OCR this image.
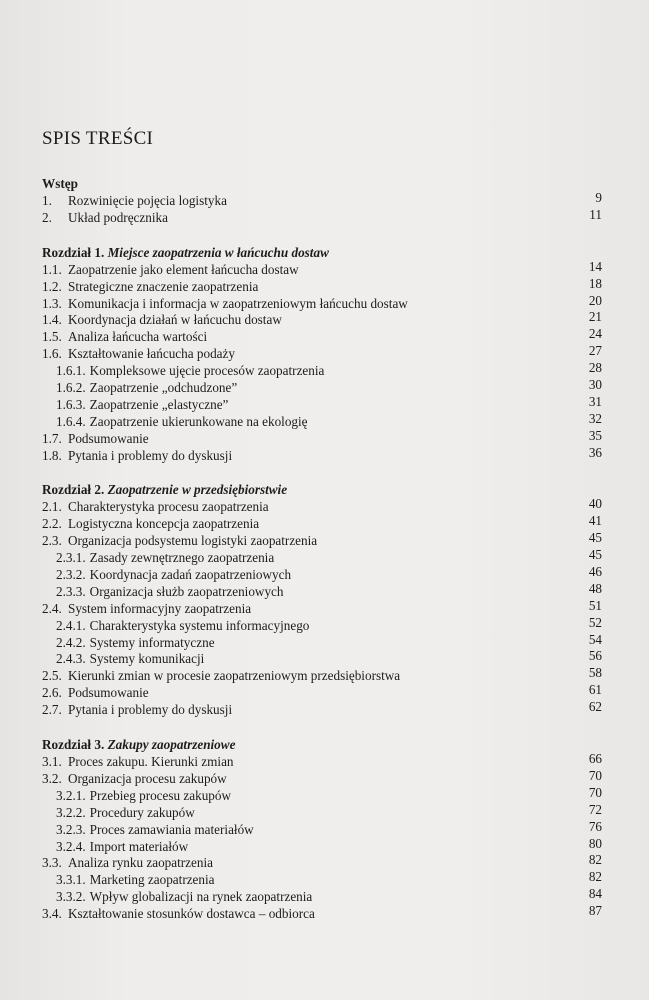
SPIS TREŚCI
Wstęp
1. Rozwinięcie pojęcia logistyka	9
2. Układ podręcznika	11
Rozdział 1. Miejsce zaopatrzenia w łańcuchu dostaw
1.1. Zaopatrzenie jako element łańcucha dostaw	14
1.2. Strategiczne znaczenie zaopatrzenia	18
1.3. Komunikacja i informacja w zaopatrzeniowym łańcuchu dostaw	20
1.4. Koordynacja działań w łańcuchu dostaw	21
1.5. Analiza łańcucha wartości	24
1.6. Kształtowanie łańcucha podaży	27
1.6.1. Kompleksowe ujęcie procesów zaopatrzenia	28
1.6.2. Zaopatrzenie „odchudzone”	30
1.6.3. Zaopatrzenie „elastyczne”	31
1.6.4. Zaopatrzenie ukierunkowane na ekologię	32
1.7. Podsumowanie	35
1.8. Pytania i problemy do dyskusji	36
Rozdział 2. Zaopatrzenie w przedsiębiorstwie
2.1. Charakterystyka procesu zaopatrzenia	40
2.2. Logistyczna koncepcja zaopatrzenia	41
2.3. Organizacja podsystemu logistyki zaopatrzenia	45
2.3.1. Zasady zewnętrznego zaopatrzenia	45
2.3.2. Koordynacja zadań zaopatrzeniowych	46
2.3.3. Organizacja służb zaopatrzeniowych	48
2.4. System informacyjny zaopatrzenia	51
2.4.1. Charakterystyka systemu informacyjnego	52
2.4.2. Systemy informatyczne	54
2.4.3. Systemy komunikacji	56
2.5. Kierunki zmian w procesie zaopatrzeniowym przedsiębiorstwa	58
2.6. Podsumowanie	61
2.7. Pytania i problemy do dyskusji	62
Rozdział 3. Zakupy zaopatrzeniowe
3.1. Proces zakupu. Kierunki zmian	66
3.2. Organizacja procesu zakupów	70
3.2.1. Przebieg procesu zakupów	70
3.2.2. Procedury zakupów	72
3.2.3. Proces zamawiania materiałów	76
3.2.4. Import materiałów	80
3.3. Analiza rynku zaopatrzenia	82
3.3.1. Marketing zaopatrzenia	82
3.3.2. Wpływ globalizacji na rynek zaopatrzenia	84
3.4. Kształtowanie stosunków dostawca – odbiorca	87
